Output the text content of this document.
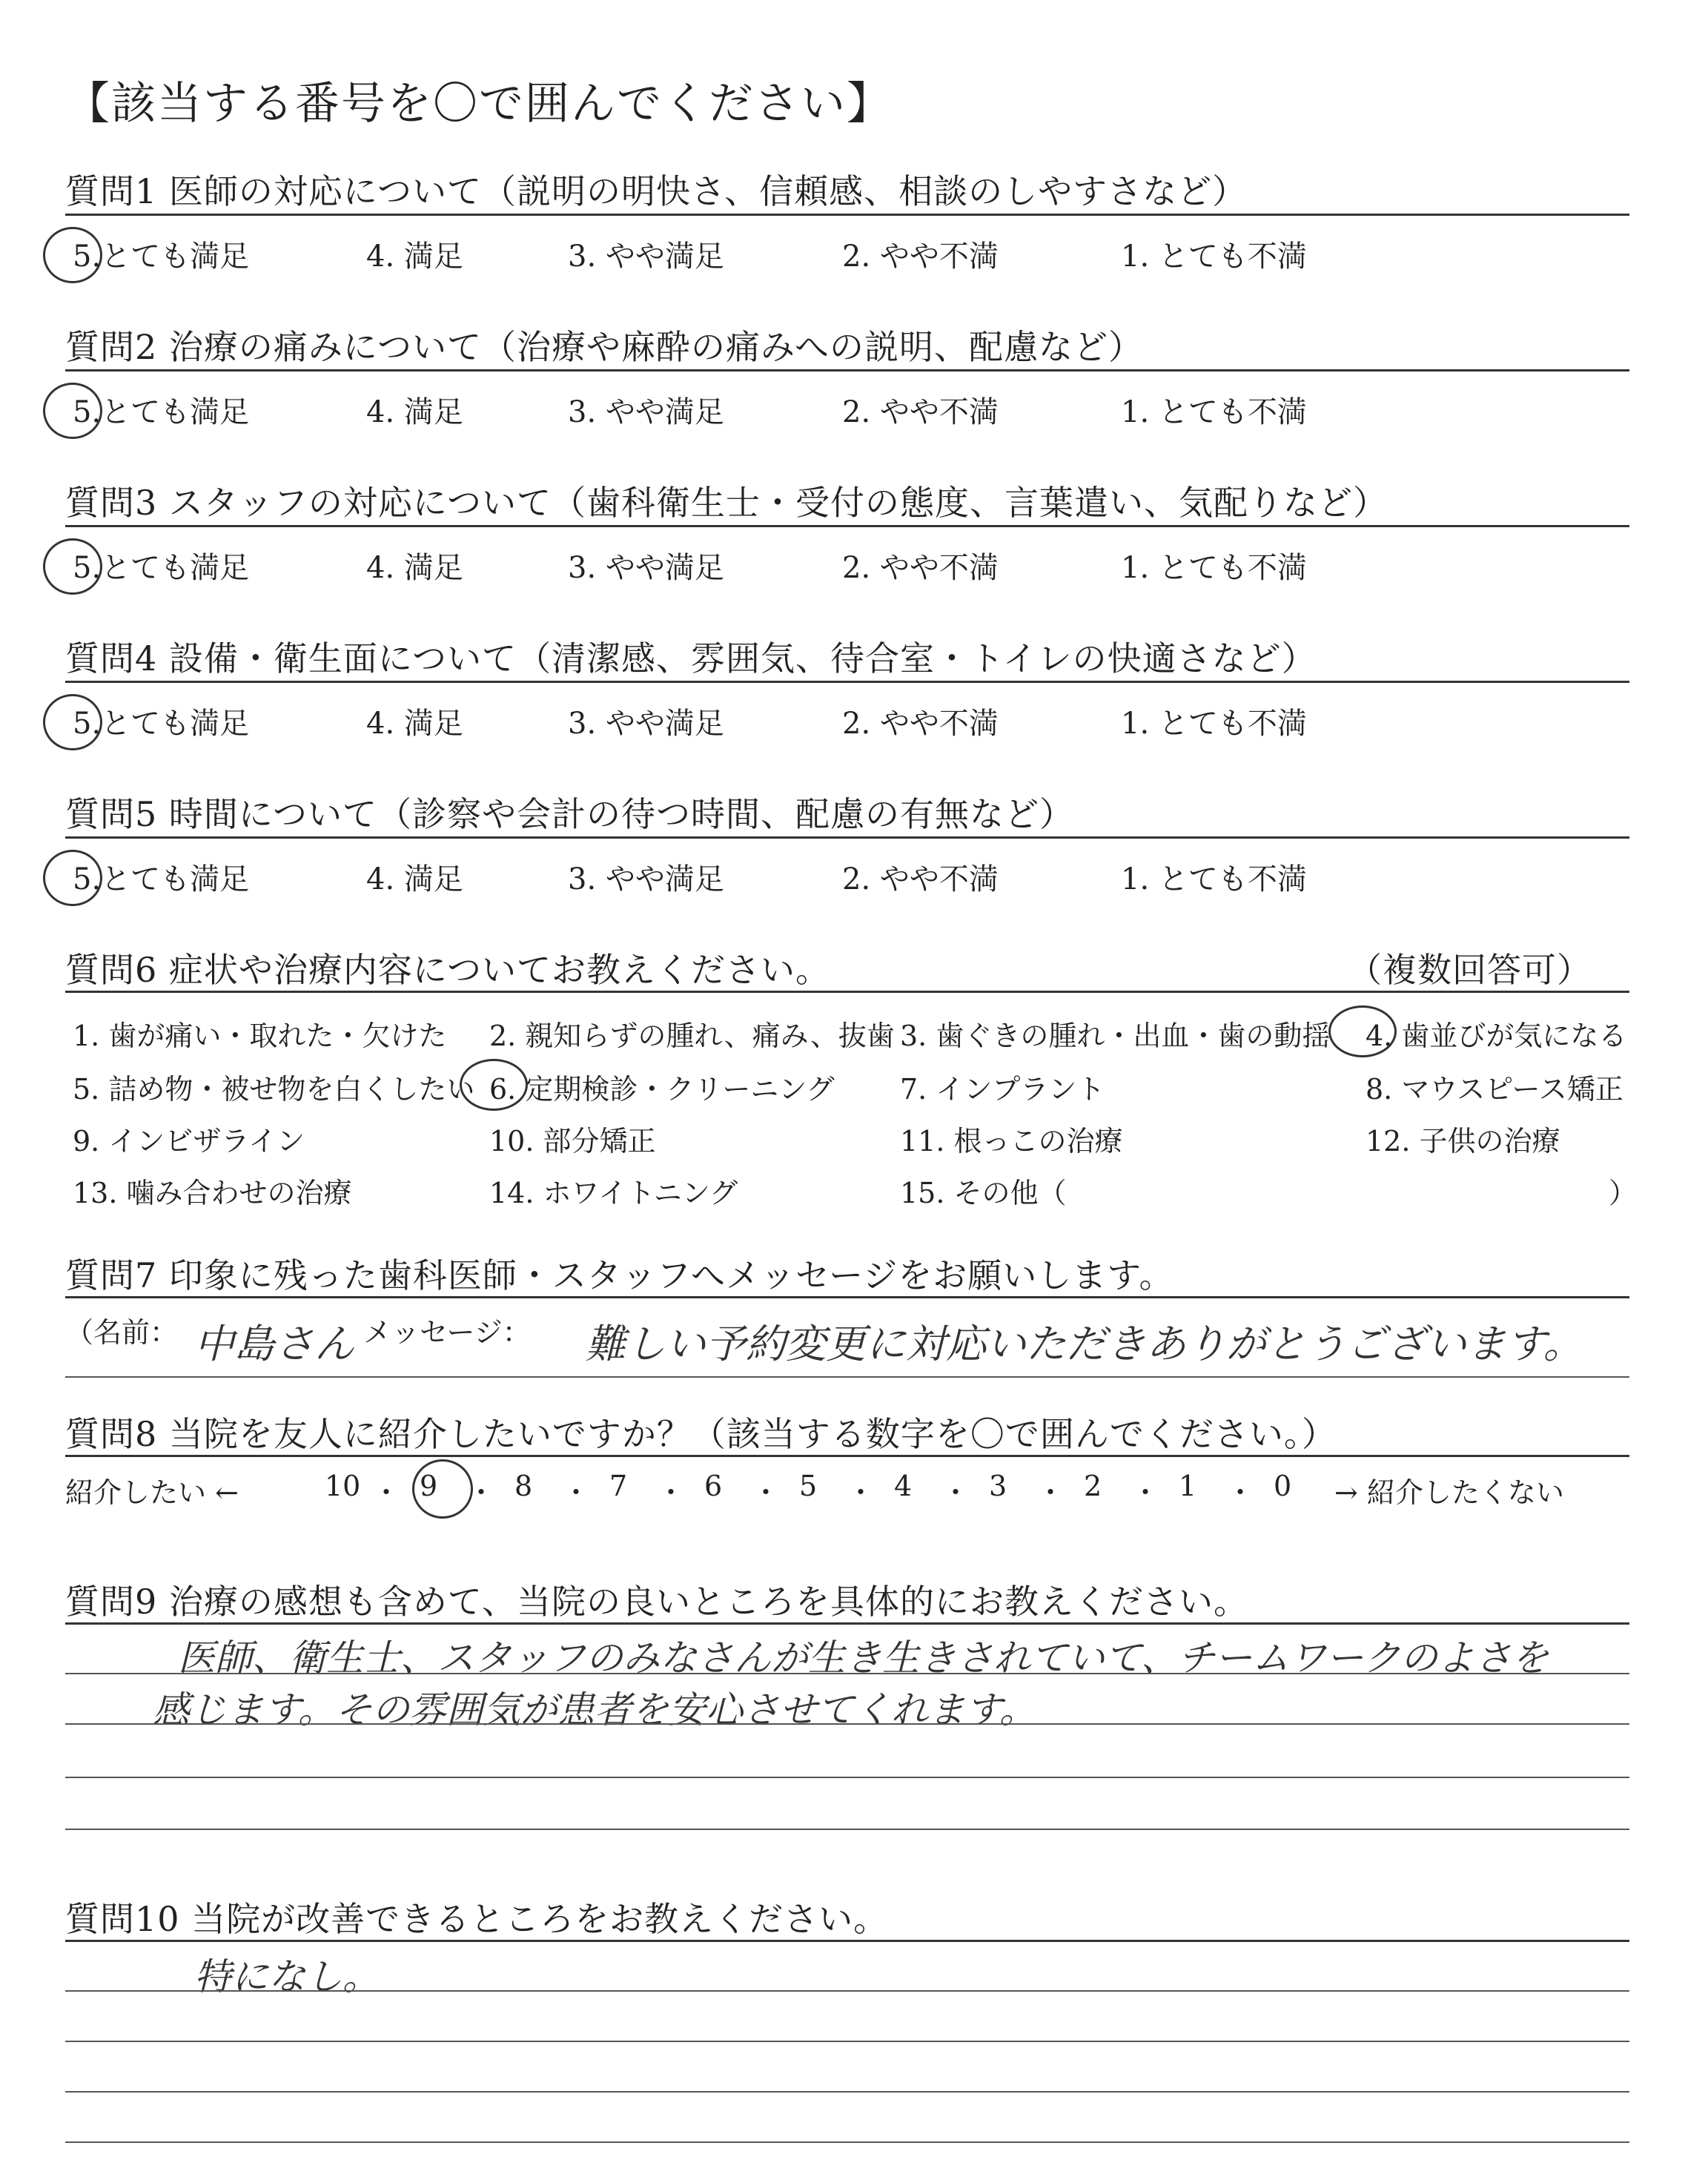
【該当する番号を〇で囲んでください】
質問6 症状や治療内容についてお教えください。	（複数回答可）
質問7 印象に残った歯科医師・スタッフへメッセージをお願いします。
（名前： 中島さん メッセージ： 難しい予約変更に対応いただきありがとうございます。
質問8 当院を友人に紹介したいですか？（該当する数字を〇で囲んでください。）
紹介したい ←	→ 紹介したくない
質問9 治療の感想も含めて、当院の良いところを具体的にお教えください。
医師、衛生士、スタッフのみなさんが生き生きされていて、チームワークのよさを
感じます。その雰囲気が患者を安心させてくれます。
質問10 当院が改善できるところをお教えください。
特になし。
質問1 医師の対応について（説明の明快さ、信頼感、相談のしやすさなど）
5.とても満足	4. 満足	3. やや満足	2. やや不満	1. とても不満
質問2 治療の痛みについて（治療や麻酔の痛みへの説明、配慮など）
5.とても満足	4. 満足	3. やや満足	2. やや不満	1. とても不満
質問3 スタッフの対応について（歯科衛生士・受付の態度、言葉遣い、気配りなど）
5.とても満足	4. 満足	3. やや満足	2. やや不満	1. とても不満
質問4 設備・衛生面について（清潔感、雰囲気、待合室・トイレの快適さなど）
5.とても満足	4. 満足	3. やや満足	2. やや不満	1. とても不満
質問5 時間について（診察や会計の待つ時間、配慮の有無など）
5.とても満足	4. 満足	3. やや満足	2. やや不満	1. とても不満
1. 歯が痛い・取れた・欠けた 2. 親知らずの腫れ、痛み、抜歯 3. 歯ぐきの腫れ・出血・歯の動揺 4. 歯並びが気になる
5. 詰め物・被せ物を白くしたい 6. 定期検診・クリーニング 7. インプラント	8. マウスピース矯正
9. インビザライン	10. 部分矯正	11. 根っこの治療	12. 子供の治療
13. 噛み合わせの治療	14. ホワイトニング	15. その他（	）
10 ・ 9 ・ 8 ・ 7 ・ 6 ・ 5 ・ 4 ・ 3 ・ 2 ・ 1 ・ 0
